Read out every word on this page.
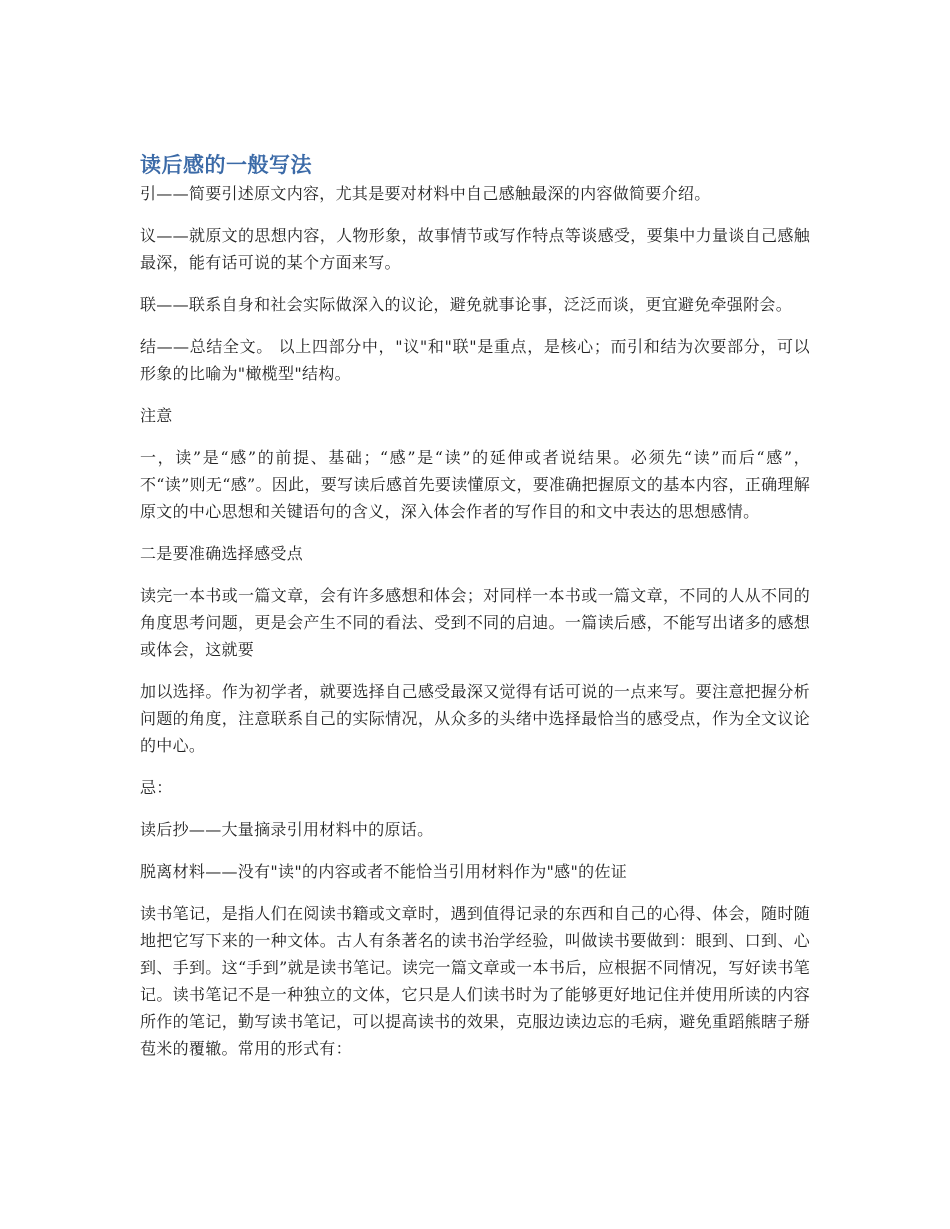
读后感的一般写法

引——简要引述原文内容，尤其是要对材料中自己感触最深的内容做简要介绍。

议——就原文的思想内容，人物形象，故事情节或写作特点等谈感受，要集中力量谈自己感触最深，能有话可说的某个方面来写。

联——联系自身和社会实际做深入的议论，避免就事论事，泛泛而谈，更宜避免牵强附会。

结——总结全文。 以上四部分中，"议"和"联"是重点，是核心；而引和结为次要部分，可以形象的比喻为"橄榄型"结构。

注意

一，读”是“感”的前提、基础；“感”是“读”的延伸或者说结果。必须先“读”而后“感”，不“读”则无“感”。因此，要写读后感首先要读懂原文，要准确把握原文的基本内容，正确理解原文的中心思想和关键语句的含义，深入体会作者的写作目的和文中表达的思想感情。

二是要准确选择感受点

读完一本书或一篇文章，会有许多感想和体会；对同样一本书或一篇文章，不同的人从不同的角度思考问题，更是会产生不同的看法、受到不同的启迪。一篇读后感，不能写出诸多的感想或体会，这就要

加以选择。作为初学者，就要选择自己感受最深又觉得有话可说的一点来写。要注意把握分析问题的角度，注意联系自己的实际情况，从众多的头绪中选择最恰当的感受点，作为全文议论的中心。

忌：

读后抄——大量摘录引用材料中的原话。

脱离材料——没有"读"的内容或者不能恰当引用材料作为"感"的佐证

读书笔记，是指人们在阅读书籍或文章时，遇到值得记录的东西和自己的心得、体会，随时随地把它写下来的一种文体。古人有条著名的读书治学经验，叫做读书要做到：眼到、口到、心到、手到。这“手到”就是读书笔记。读完一篇文章或一本书后，应根据不同情况，写好读书笔记。读书笔记不是一种独立的文体，它只是人们读书时为了能够更好地记住并使用所读的内容所作的笔记，勤写读书笔记，可以提高读书的效果，克服边读边忘的毛病，避免重蹈熊瞎子掰苞米的覆辙。常用的形式有：
